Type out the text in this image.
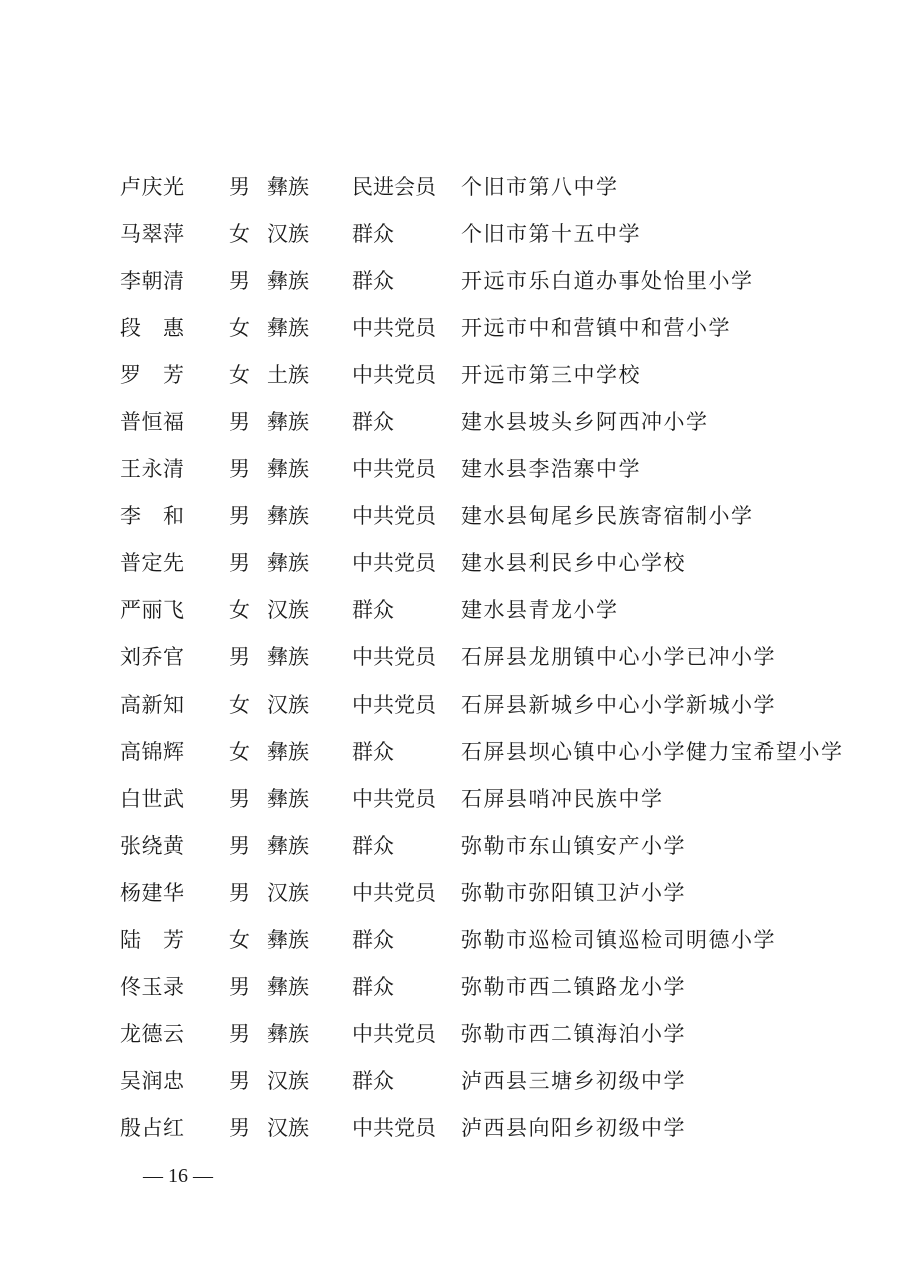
卢庆光 男 彝族 民进会员 个旧市第八中学
马翠萍 女 汉族 群众	个旧市第十五中学
李朝清 男 彝族 群众	开远市乐白道办事处怡里小学
段　惠 女 彝族 中共党员 开远市中和营镇中和营小学
罗　芳 女 土族 中共党员 开远市第三中学校
普恒福 男 彝族 群众	建水县坡头乡阿西冲小学
王永清 男 彝族 中共党员 建水县李浩寨中学
李　和 男 彝族 中共党员 建水县甸尾乡民族寄宿制小学
普定先 男 彝族 中共党员 建水县利民乡中心学校
严丽飞 女 汉族 群众	建水县青龙小学
刘乔官 男 彝族 中共党员 石屏县龙朋镇中心小学已冲小学
高新知 女 汉族 中共党员 石屏县新城乡中心小学新城小学
高锦辉 女 彝族 群众	石屏县坝心镇中心小学健力宝希望小学
白世武 男 彝族 中共党员 石屏县哨冲民族中学
张绕黄 男 彝族 群众	弥勒市东山镇安产小学
杨建华 男 汉族 中共党员 弥勒市弥阳镇卫泸小学
陆　芳 女 彝族 群众	弥勒市巡检司镇巡检司明德小学
佟玉录 男 彝族 群众	弥勒市西二镇路龙小学
龙德云 男 彝族 中共党员 弥勒市西二镇海泊小学
吴润忠 男 汉族 群众	泸西县三塘乡初级中学
殷占红 男 汉族 中共党员 泸西县向阳乡初级中学
— 16 —
